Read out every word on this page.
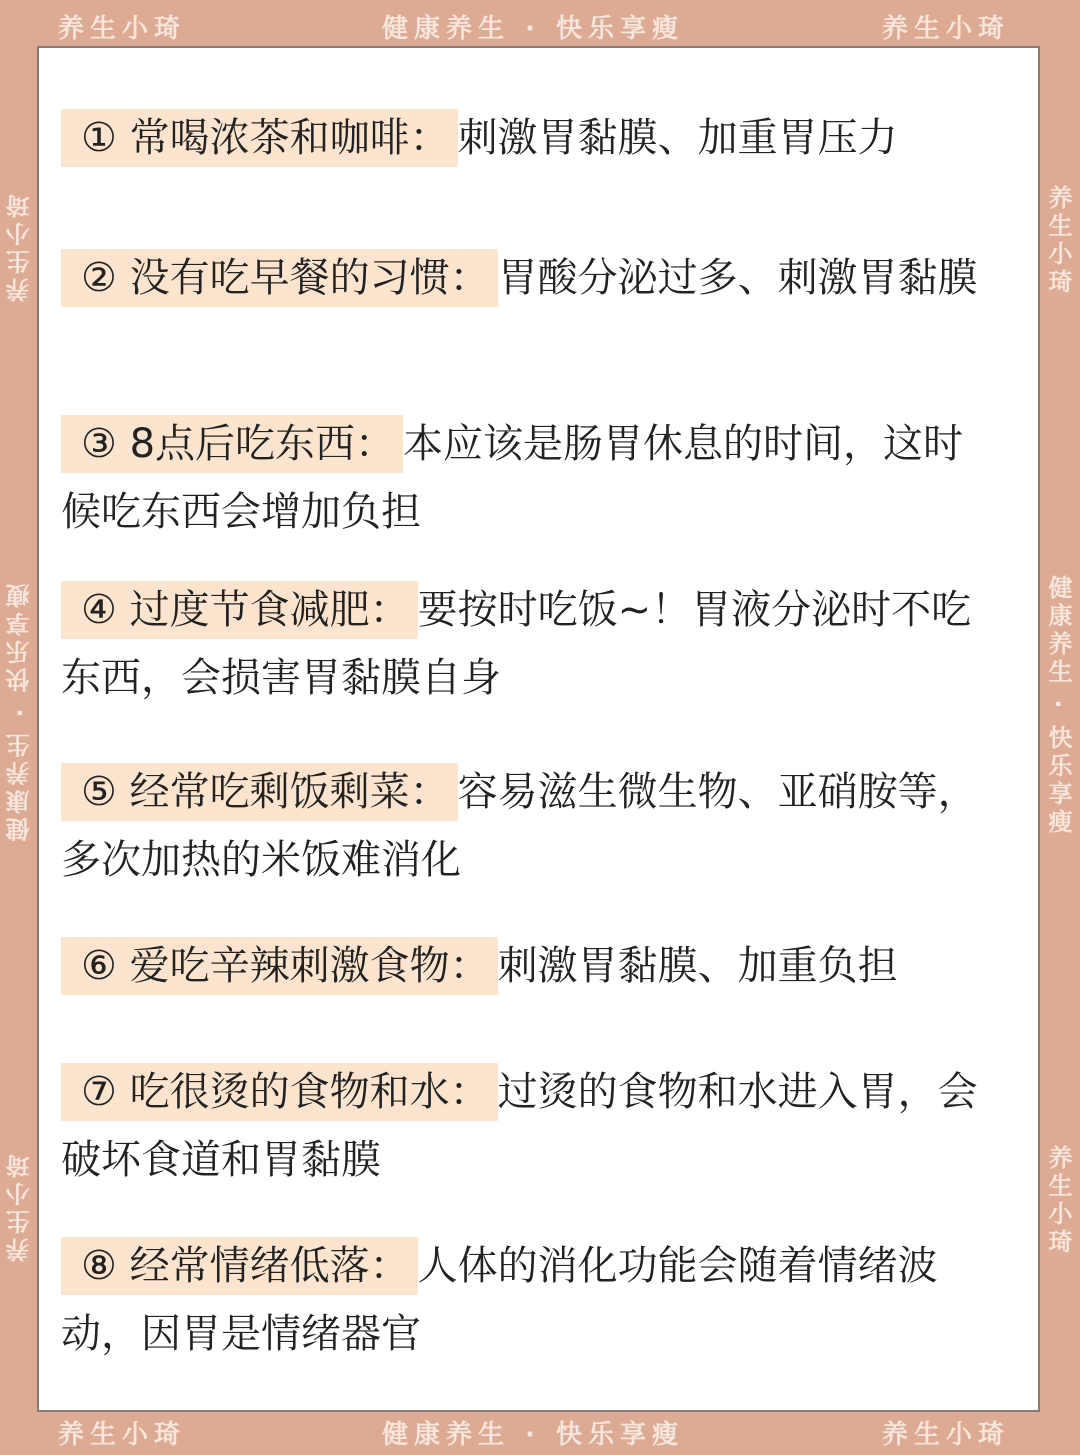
养生小琦	健康养生 · 快乐享瘦	养生小琦
养生小琦	健康养生 · 快乐享瘦	养生小琦
养生小琦
健康养生 · 快乐享瘦
养生小琦
养生小琦
健康养生 · 快乐享瘦
养生小琦
① 常喝浓茶和咖啡： 刺激胃黏膜、加重胃压力
② 没有吃早餐的习惯： 胃酸分泌过多、刺激胃黏膜
③ 8点后吃东西： 本应该是肠胃休息的时间，这时候吃东西会增加负担
④ 过度节食减肥： 要按时吃饭~！胃液分泌时不吃东西，会损害胃黏膜自身
⑤ 经常吃剩饭剩菜： 容易滋生微生物、亚硝胺等，多次加热的米饭难消化
⑥ 爱吃辛辣刺激食物： 刺激胃黏膜、加重负担
⑦ 吃很烫的食物和水： 过烫的食物和水进入胃，会破坏食道和胃黏膜
⑧ 经常情绪低落： 人体的消化功能会随着情绪波动，因胃是情绪器官
